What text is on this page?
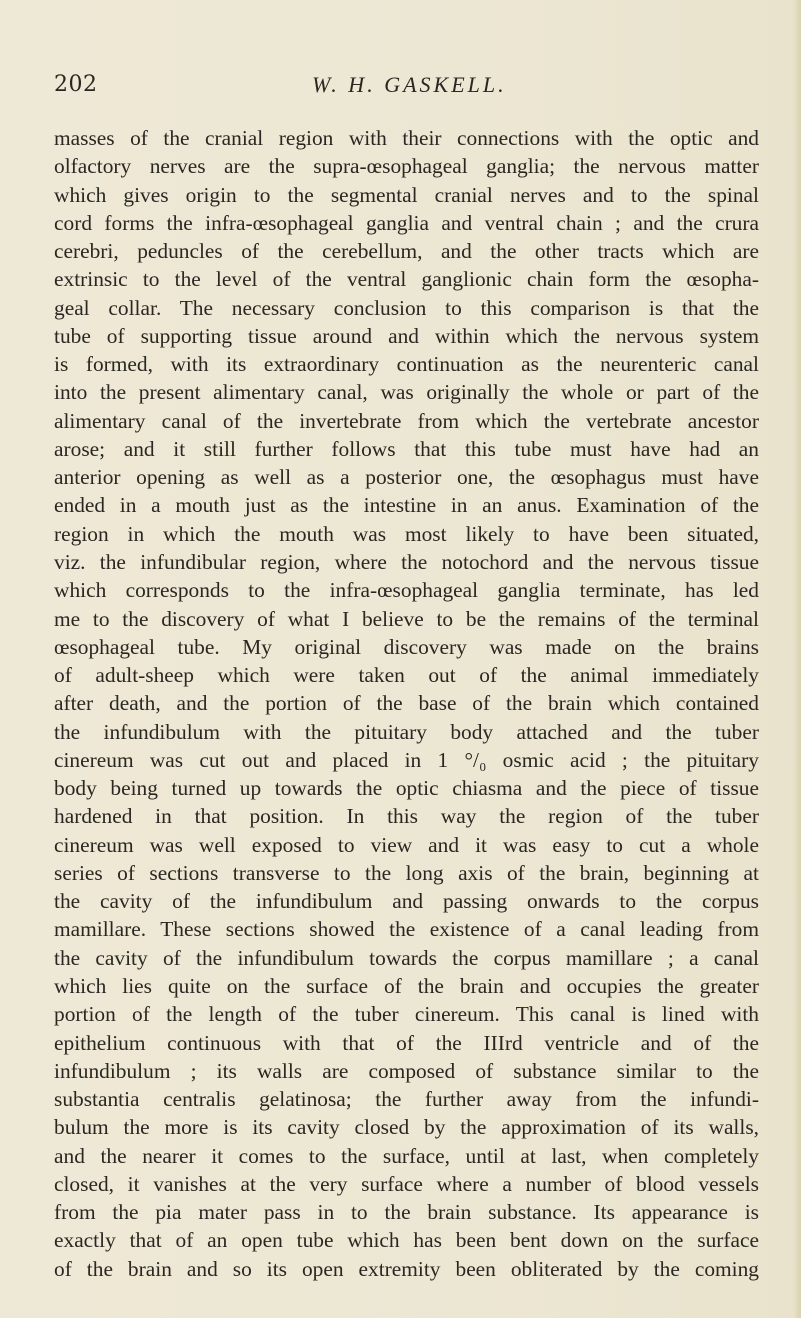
202	W. H. GASKELL.
masses of the cranial region with their connections with the optic and
olfactory nerves are the supra-œsophageal ganglia; the nervous matter
which gives origin to the segmental cranial nerves and to the spinal
cord forms the infra-œsophageal ganglia and ventral chain ; and the crura
cerebri, peduncles of the cerebellum, and the other tracts which are
extrinsic to the level of the ventral ganglionic chain form the œsopha-
geal collar. The necessary conclusion to this comparison is that the
tube of supporting tissue around and within which the nervous system
is formed, with its extraordinary continuation as the neurenteric canal
into the present alimentary canal, was originally the whole or part of the
alimentary canal of the invertebrate from which the vertebrate ancestor
arose; and it still further follows that this tube must have had an
anterior opening as well as a posterior one, the œsophagus must have
ended in a mouth just as the intestine in an anus. Examination of the
region in which the mouth was most likely to have been situated,
viz. the infundibular region, where the notochord and the nervous tissue
which corresponds to the infra-œsophageal ganglia terminate, has led
me to the discovery of what I believe to be the remains of the terminal
œsophageal tube. My original discovery was made on the brains
of adult-sheep which were taken out of the animal immediately
after death, and the portion of the base of the brain which contained
the infundibulum with the pituitary body attached and the tuber
cinereum was cut out and placed in 1 °/₀ osmic acid ; the pituitary
body being turned up towards the optic chiasma and the piece of tissue
hardened in that position. In this way the region of the tuber
cinereum was well exposed to view and it was easy to cut a whole
series of sections transverse to the long axis of the brain, beginning at
the cavity of the infundibulum and passing onwards to the corpus
mamillare. These sections showed the existence of a canal leading from
the cavity of the infundibulum towards the corpus mamillare ; a canal
which lies quite on the surface of the brain and occupies the greater
portion of the length of the tuber cinereum. This canal is lined with
epithelium continuous with that of the IIIrd ventricle and of the
infundibulum ; its walls are composed of substance similar to the
substantia centralis gelatinosa; the further away from the infundi-
bulum the more is its cavity closed by the approximation of its walls,
and the nearer it comes to the surface, until at last, when completely
closed, it vanishes at the very surface where a number of blood vessels
from the pia mater pass in to the brain substance. Its appearance is
exactly that of an open tube which has been bent down on the surface
of the brain and so its open extremity been obliterated by the coming
